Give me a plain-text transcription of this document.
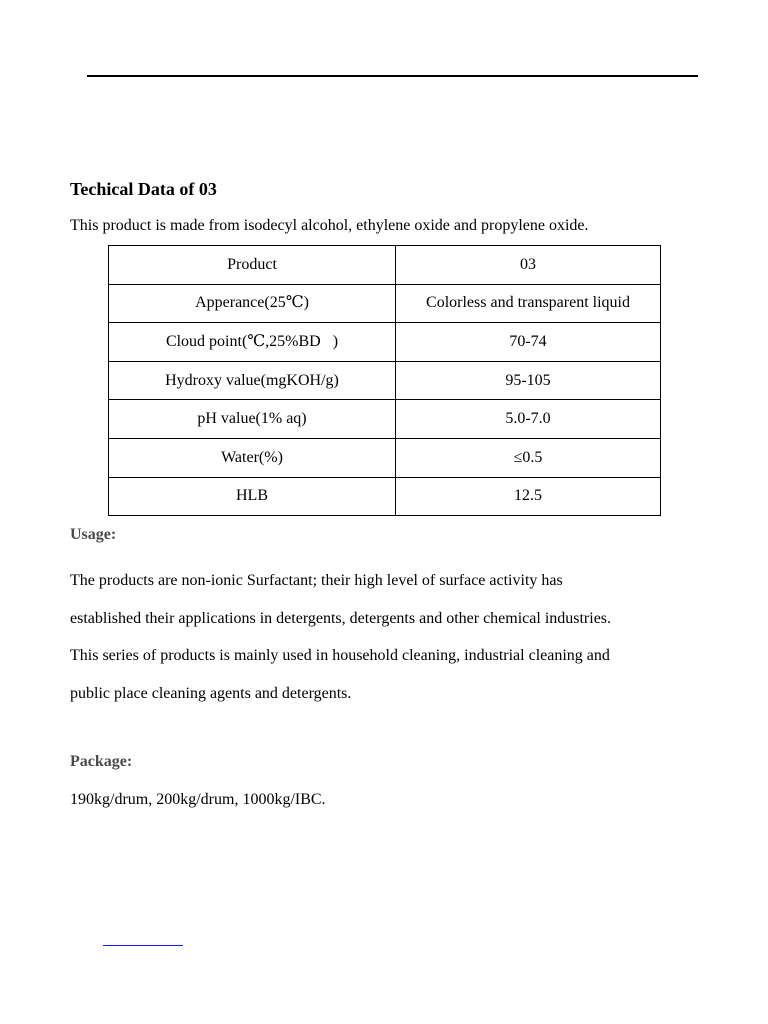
Techical Data of 03
This product is made from isodecyl alcohol, ethylene oxide and propylene oxide.
Product	03
Apperance(25℃)	Colorless and transparent liquid
Cloud point(℃,25%BD   )	70-74
Hydroxy value(mgKOH/g)	95-105
pH value(1% aq)	5.0-7.0
Water(%)	≤0.5
HLB	12.5
Usage:

The products are non-ionic Surfactant; their high level of surface activity has

established their applications in detergents, detergents and other chemical industries.

This series of products is mainly used in household cleaning, industrial cleaning and

public place cleaning agents and detergents.

Package:
190kg/drum, 200kg/drum, 1000kg/IBC.
